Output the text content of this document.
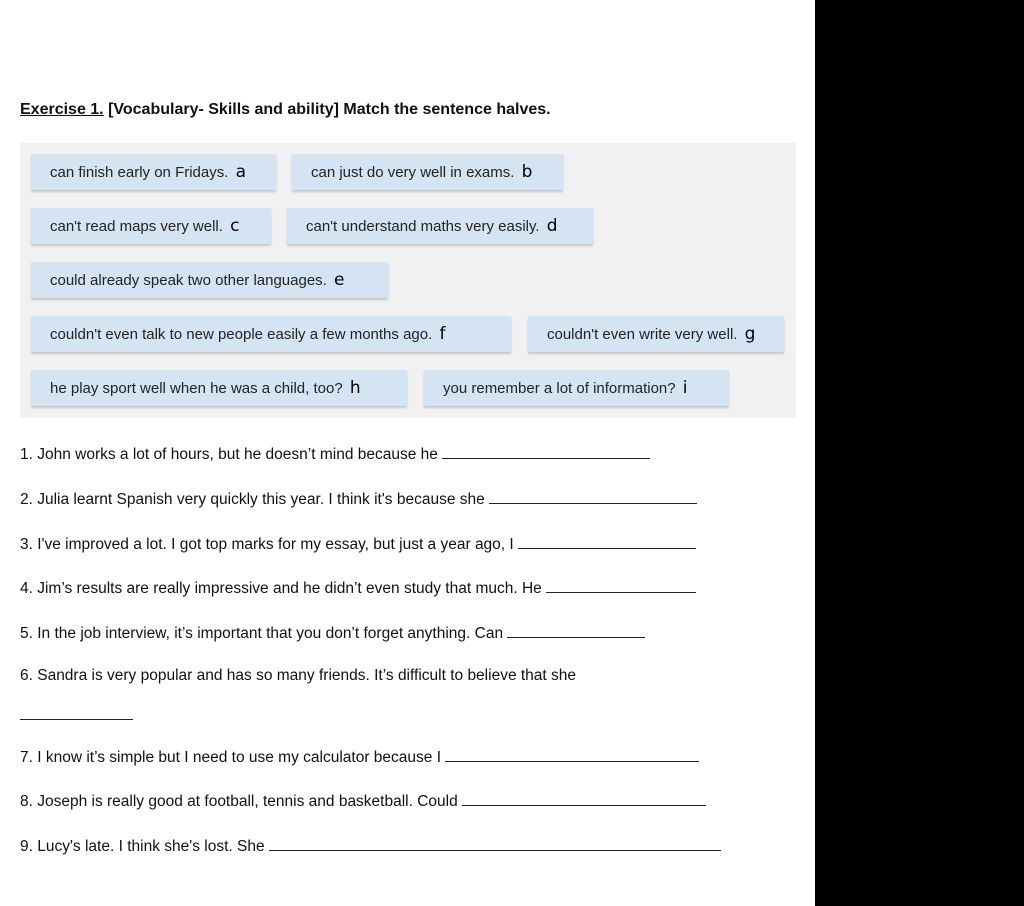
Exercise 1. [Vocabulary- Skills and ability] Match the sentence halves.
can finish early on Fridays. a	can just do very well in exams. b
can't read maps very well. c	can't understand maths very easily. d
could already speak two other languages. e
couldn't even talk to new people easily a few months ago. f	couldn't even write very well. g
he play sport well when he was a child, too? h	you remember a lot of information? i
1. John works a lot of hours, but he doesn’t mind because he
2. Julia learnt Spanish very quickly this year. I think it's because she
3. I've improved a lot. I got top marks for my essay, but just a year ago, I
4. Jim’s results are really impressive and he didn’t even study that much. He
5. In the job interview, it’s important that you don’t forget anything. Can
6. Sandra is very popular and has so many friends. It’s difficult to believe that she
7. I know it’s simple but I need to use my calculator because I
8. Joseph is really good at football, tennis and basketball. Could
9. Lucy's late. I think she's lost. She
